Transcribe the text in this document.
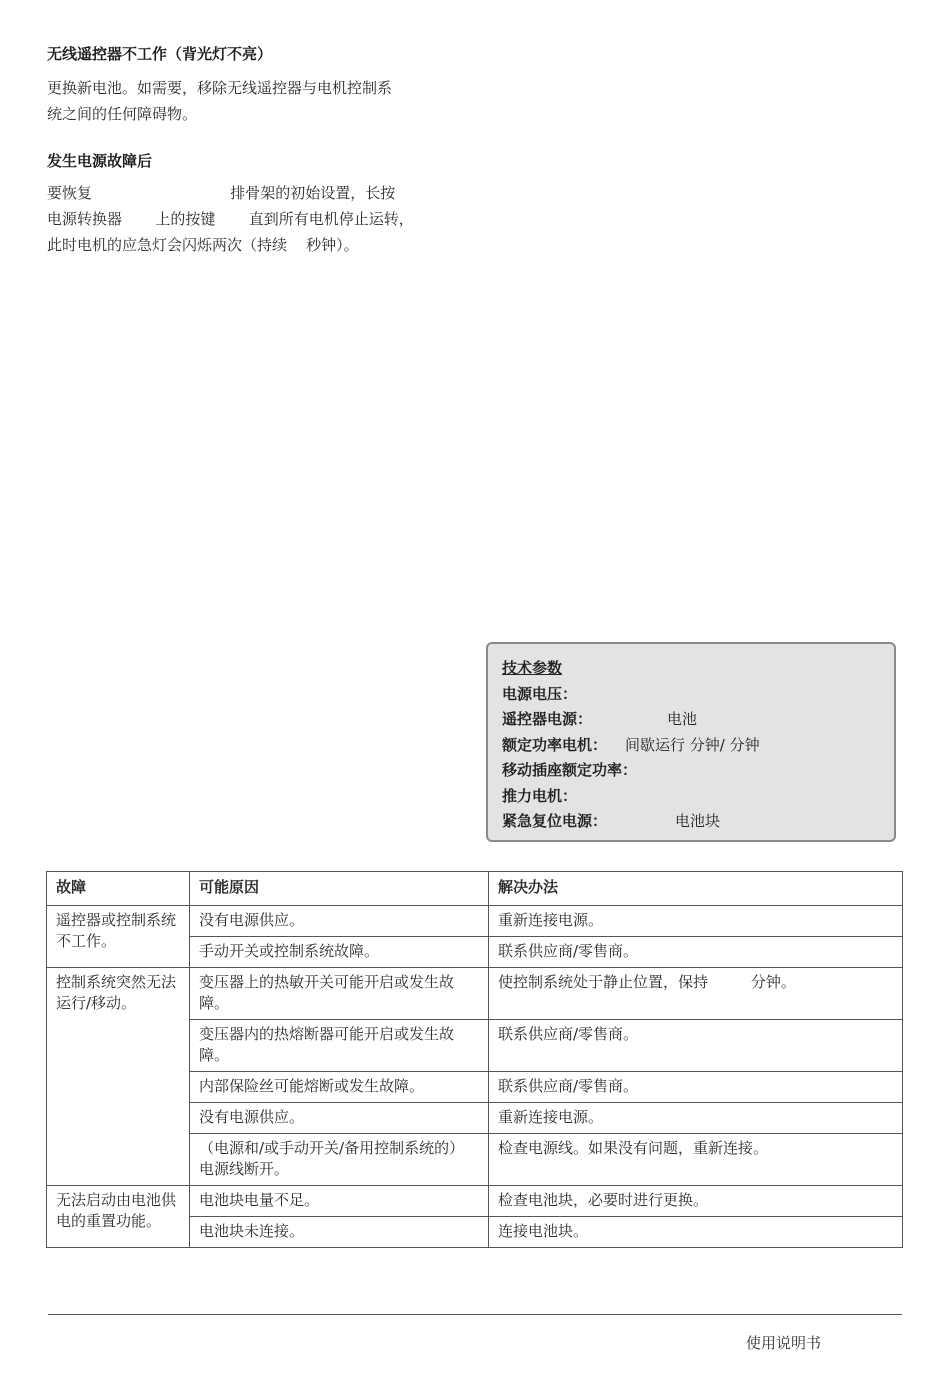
无线遥控器不工作（背光灯不亮）
更换新电池。如需要，移除无线遥控器与电机控制系
统之间的任何障碍物。
发生电源故障后
要恢复                             排骨架的初始设置，长按
电源转换器       上的按键       直到所有电机停止运转，
此时电机的应急灯会闪烁两次（持续    秒钟）。
技术参数
电源电压：
遥控器电源：	电池
额定功率电机： 间歇运行 分钟/ 分钟
移动插座额定功率：
推力电机：
紧急复位电源：	电池块
故障	可能原因	解决办法
遥控器或控制系统不工作。	没有电源供应。	重新连接电源。
	手动开关或控制系统故障。	联系供应商/零售商。
控制系统突然无法运行/移动。	变压器上的热敏开关可能开启或发生故障。	使控制系统处于静止位置，保持         分钟。
	变压器内的热熔断器可能开启或发生故障。	联系供应商/零售商。
	内部保险丝可能熔断或发生故障。	联系供应商/零售商。
	没有电源供应。	重新连接电源。
	（电源和/或手动开关/备用控制系统的）电源线断开。	检查电源线。如果没有问题，重新连接。
无法启动由电池供电的重置功能。	电池块电量不足。	检查电池块，必要时进行更换。
	电池块未连接。	连接电池块。
使用说明书
